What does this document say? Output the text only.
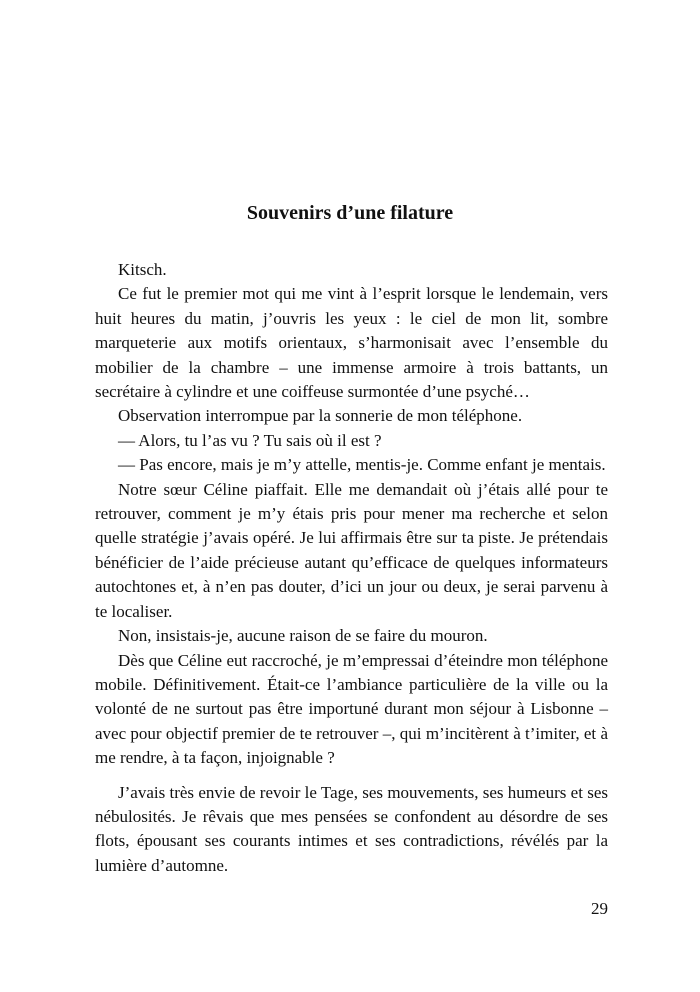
Souvenirs d’une filature

Kitsch.

Ce fut le premier mot qui me vint à l’esprit lorsque le lendemain, vers huit heures du matin, j’ouvris les yeux : le ciel de mon lit, sombre marqueterie aux motifs orientaux, s’harmonisait avec l’ensemble du mobilier de la chambre – une immense armoire à trois battants, un secrétaire à cylindre et une coiffeuse surmontée d’une psyché…

Observation interrompue par la sonnerie de mon téléphone.

— Alors, tu l’as vu ? Tu sais où il est ?

— Pas encore, mais je m’y attelle, mentis-je. Comme enfant je mentais.

Notre sœur Céline piaffait. Elle me demandait où j’étais allé pour te retrouver, comment je m’y étais pris pour mener ma recherche et selon quelle stratégie j’avais opéré. Je lui affirmais être sur ta piste. Je prétendais bénéficier de l’aide précieuse autant qu’efficace de quelques informateurs autochtones et, à n’en pas douter, d’ici un jour ou deux, je serai parvenu à te localiser.

Non, insistais-je, aucune raison de se faire du mouron.

Dès que Céline eut raccroché, je m’empressai d’éteindre mon téléphone mobile. Définitivement. Était-ce l’ambiance particulière de la ville ou la volonté de ne surtout pas être importuné durant mon séjour à Lisbonne – avec pour objectif premier de te retrouver –, qui m’incitèrent à t’imiter, et à me rendre, à ta façon, injoignable ?

J’avais très envie de revoir le Tage, ses mouvements, ses humeurs et ses nébulosités. Je rêvais que mes pensées se confondent au désordre de ses flots, épousant ses courants intimes et ses contradictions, révélés par la lumière d’automne.

29
